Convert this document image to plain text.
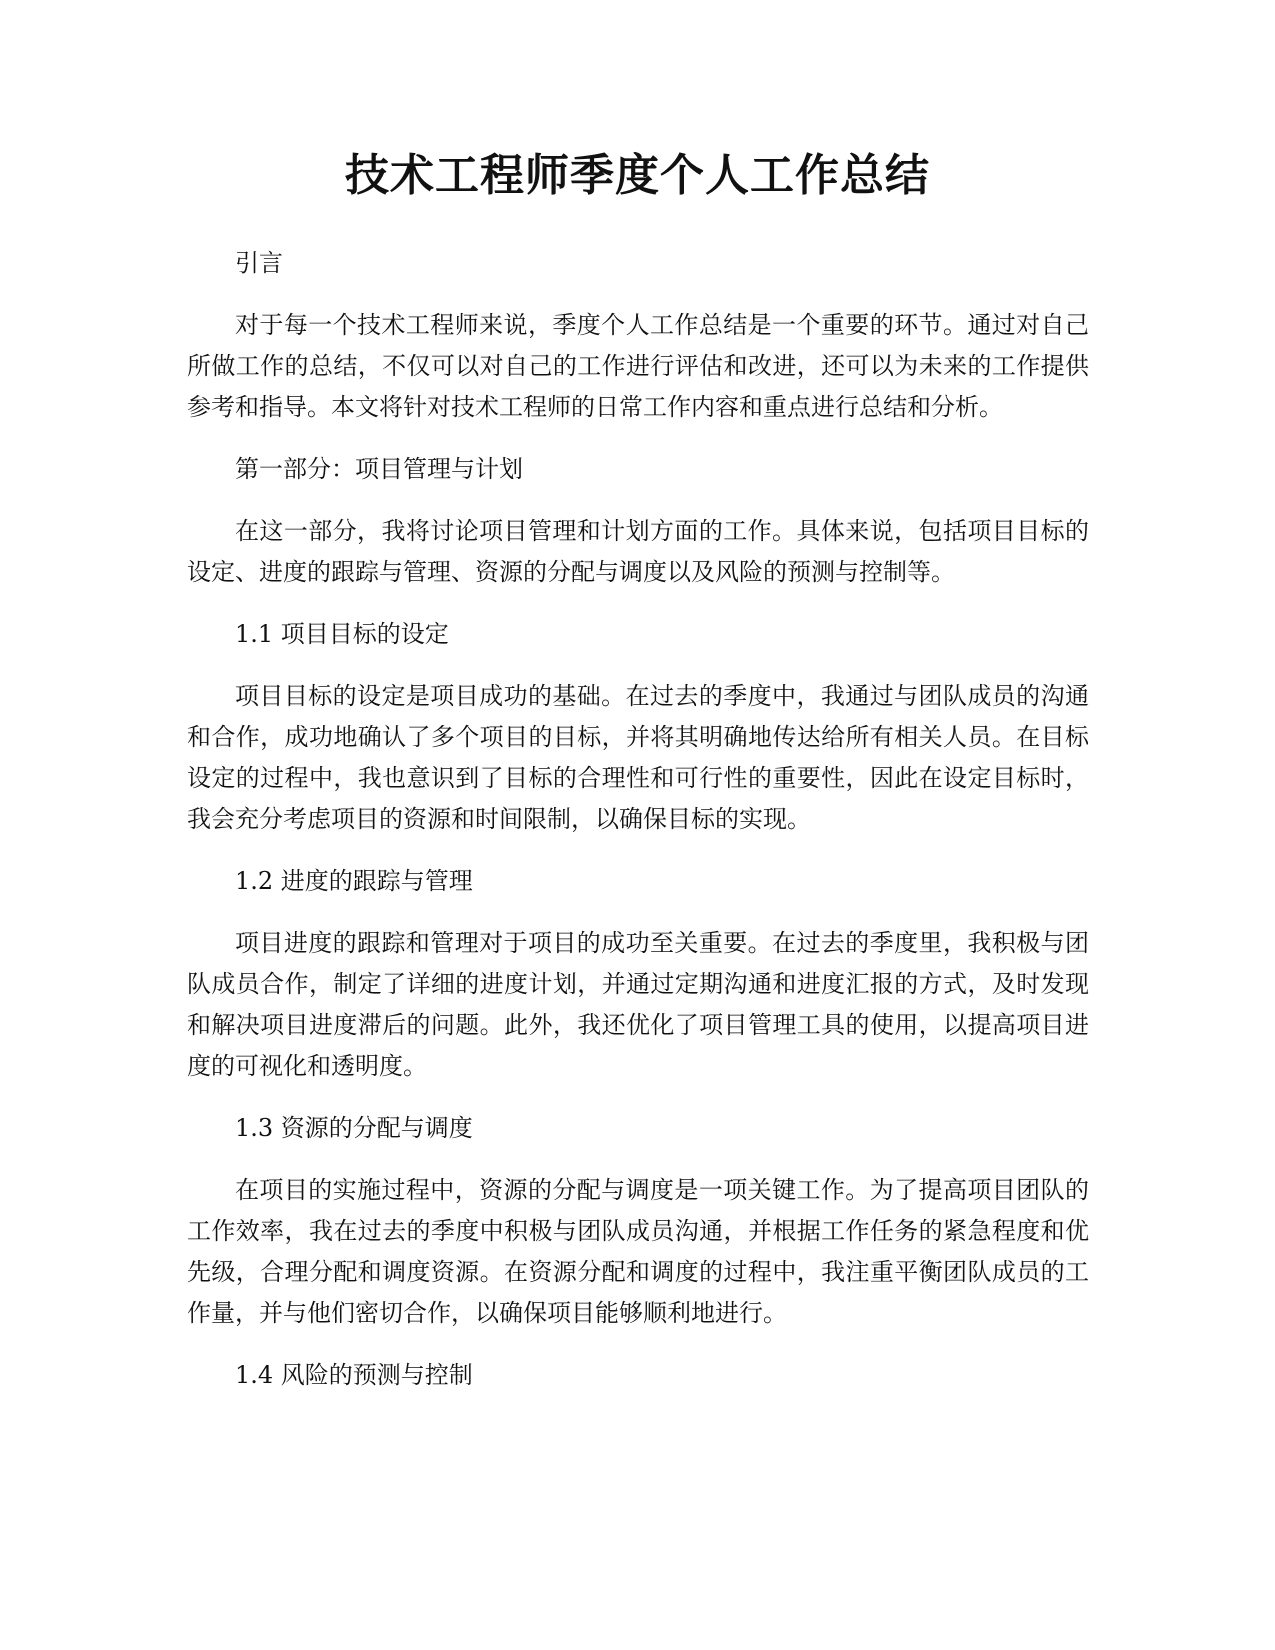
技术工程师季度个人工作总结

引言

对于每一个技术工程师来说，季度个人工作总结是一个重要的环节。通过对自己所做工作的总结，不仅可以对自己的工作进行评估和改进，还可以为未来的工作提供参考和指导。本文将针对技术工程师的日常工作内容和重点进行总结和分析。

第一部分：项目管理与计划

在这一部分，我将讨论项目管理和计划方面的工作。具体来说，包括项目目标的设定、进度的跟踪与管理、资源的分配与调度以及风险的预测与控制等。

1.1 项目目标的设定

项目目标的设定是项目成功的基础。在过去的季度中，我通过与团队成员的沟通和合作，成功地确认了多个项目的目标，并将其明确地传达给所有相关人员。在目标设定的过程中，我也意识到了目标的合理性和可行性的重要性，因此在设定目标时，我会充分考虑项目的资源和时间限制，以确保目标的实现。

1.2 进度的跟踪与管理

项目进度的跟踪和管理对于项目的成功至关重要。在过去的季度里，我积极与团队成员合作，制定了详细的进度计划，并通过定期沟通和进度汇报的方式，及时发现和解决项目进度滞后的问题。此外，我还优化了项目管理工具的使用，以提高项目进度的可视化和透明度。

1.3 资源的分配与调度

在项目的实施过程中，资源的分配与调度是一项关键工作。为了提高项目团队的工作效率，我在过去的季度中积极与团队成员沟通，并根据工作任务的紧急程度和优先级，合理分配和调度资源。在资源分配和调度的过程中，我注重平衡团队成员的工作量，并与他们密切合作，以确保项目能够顺利地进行。

1.4 风险的预测与控制
